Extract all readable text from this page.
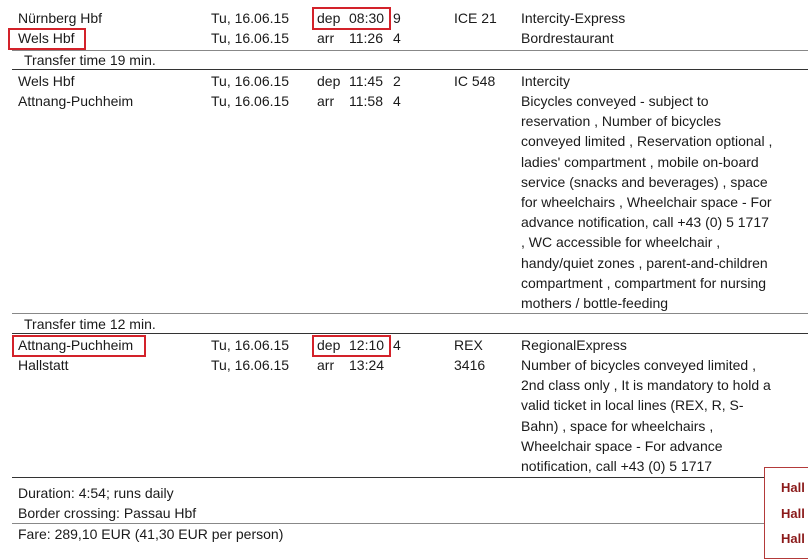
Nürnberg Hbf	Tu, 16.06.15 dep 08:30 9	ICE 21 Intercity-Express
Wels Hbf	Tu, 16.06.15 arr 11:26 4	Bordrestaurant
Transfer time 19 min.
Wels Hbf	Tu, 16.06.15 dep 11:45 2	IC 548 Intercity
Attnang-Puchheim	Tu, 16.06.15 arr 11:58 4	Bicycles conveyed - subject to
reservation , Number of bicycles
conveyed limited , Reservation optional ,
ladies' compartment , mobile on-board
service (snacks and beverages) , space
for wheelchairs , Wheelchair space - For
advance notification, call +43 (0) 5 1717
, WC accessible for wheelchair ,
handy/quiet zones , parent-and-children
compartment , compartment for nursing
mothers / bottle-feeding
Transfer time 12 min.
Attnang-Puchheim	Tu, 16.06.15 dep 12:10 4	REX	RegionalExpress
Hallstatt	Tu, 16.06.15 arr 13:24	3416	Number of bicycles conveyed limited ,
2nd class only , It is mandatory to hold a
valid ticket in local lines (REX, R, S-
Bahn) , space for wheelchairs ,
Wheelchair space - For advance
notification, call +43 (0) 5 1717
Duration: 4:54; runs daily
Border crossing: Passau Hbf
Fare: 289,10 EUR (41,30 EUR per person)
Hall
Hall
Hall
